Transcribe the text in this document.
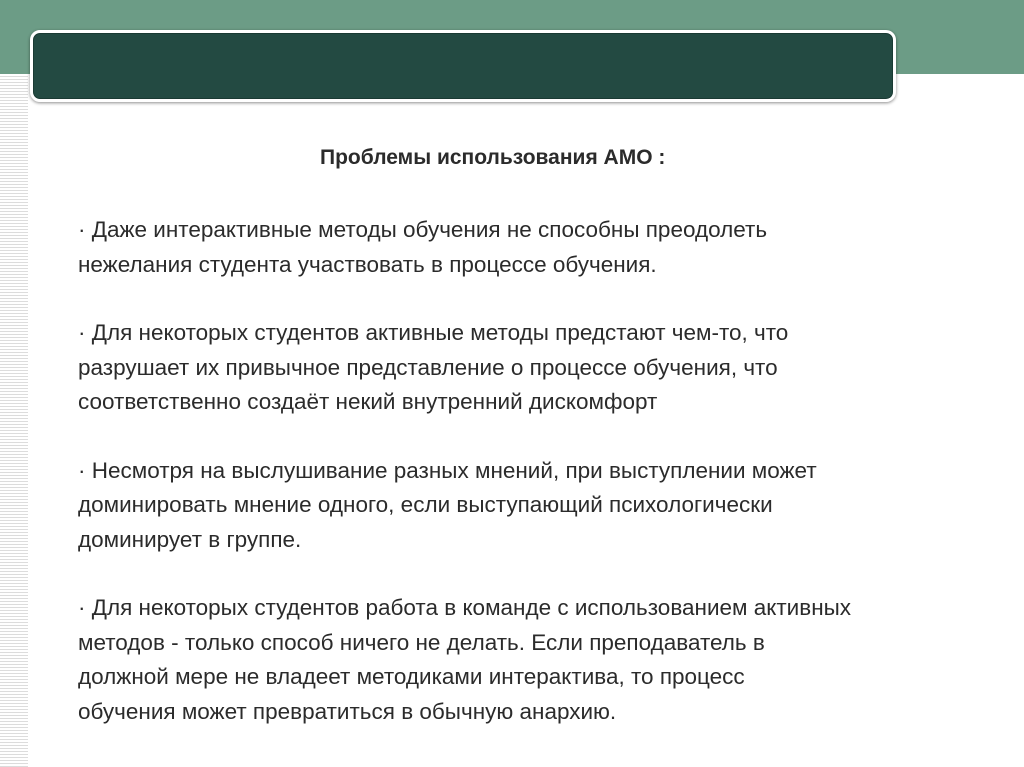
Проблемы использования АМО :
· Даже интерактивные методы обучения не способны преодолеть
нежелания студента участвовать в процессе обучения.
· Для некоторых студентов активные методы предстают чем-то, что
разрушает их привычное представление о процессе обучения, что
соответственно создаёт некий внутренний дискомфорт
· Несмотря на выслушивание разных мнений, при выступлении может
доминировать мнение одного, если выступающий психологически
доминирует в группе.
· Для некоторых студентов работа в команде с использованием активных
методов - только способ ничего не делать. Если преподаватель в
должной мере не владеет методиками интерактива, то процесс
обучения может превратиться в обычную анархию.
